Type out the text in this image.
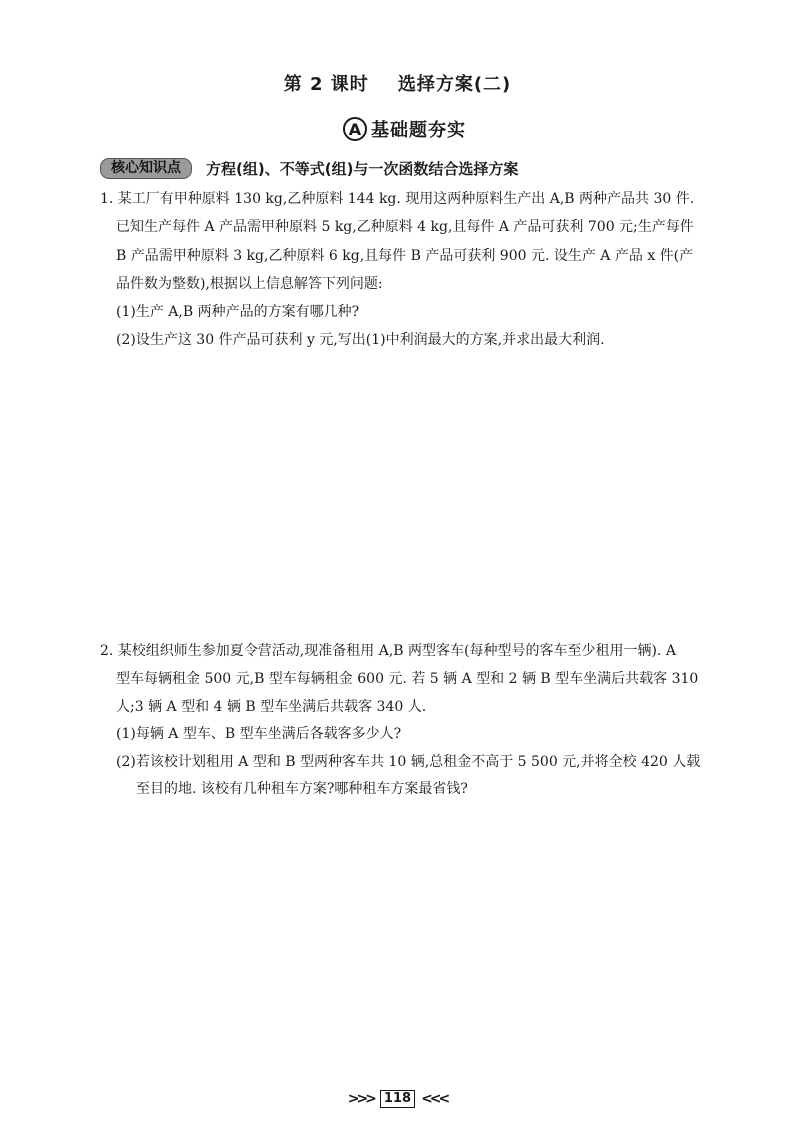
第 2 课时    选择方案(二)
A 基础题夯实
核心知识点	方程(组)、不等式(组)与一次函数结合选择方案
1. 某工厂有甲种原料 130 kg,乙种原料 144 kg. 现用这两种原料生产出 A,B 两种产品共 30 件.
已知生产每件 A 产品需甲种原料 5 kg,乙种原料 4 kg,且每件 A 产品可获利 700 元;生产每件
B 产品需甲种原料 3 kg,乙种原料 6 kg,且每件 B 产品可获利 900 元. 设生产 A 产品 x 件(产
品件数为整数),根据以上信息解答下列问题:
(1)生产 A,B 两种产品的方案有哪几种?
(2)设生产这 30 件产品可获利 y 元,写出(1)中利润最大的方案,并求出最大利润.
2. 某校组织师生参加夏令营活动,现准备租用 A,B 两型客车(每种型号的客车至少租用一辆). A
型车每辆租金 500 元,B 型车每辆租金 600 元. 若 5 辆 A 型和 2 辆 B 型车坐满后共载客 310
人;3 辆 A 型和 4 辆 B 型车坐满后共载客 340 人.
(1)每辆 A 型车、B 型车坐满后各载客多少人?
(2)若该校计划租用 A 型和 B 型两种客车共 10 辆,总租金不高于 5 500 元,并将全校 420 人载
至目的地. 该校有几种租车方案?哪种租车方案最省钱?
>>> 118 <<<
